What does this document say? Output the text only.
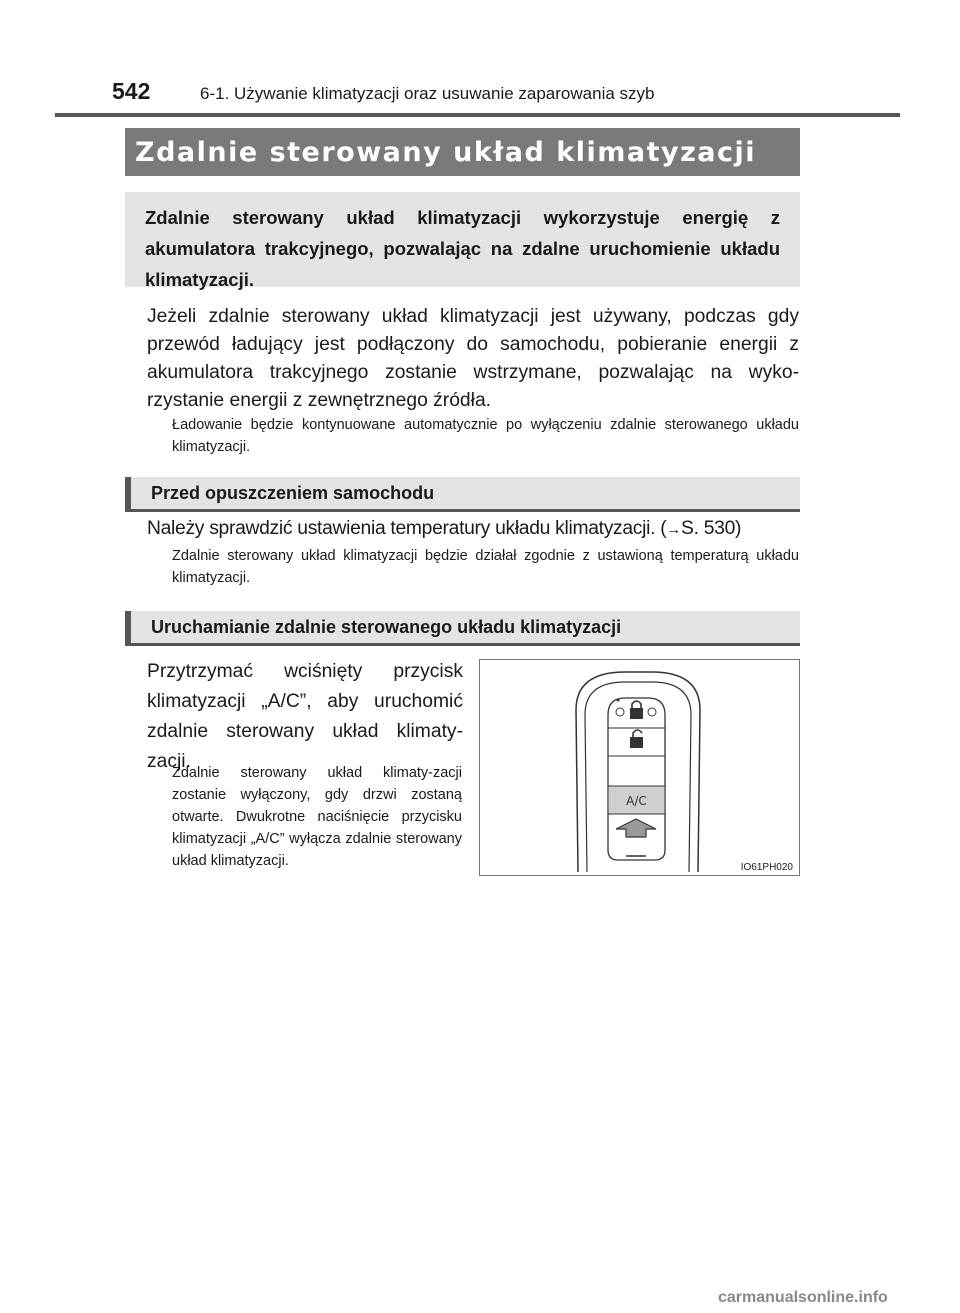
542	6-1. Używanie klimatyzacji oraz usuwanie zaparowania szyb
Zdalnie sterowany układ klimatyzacji
Zdalnie sterowany układ klimatyzacji wykorzystuje energię z akumulatora trakcyjnego, pozwalając na zdalne uruchomienie układu klimatyzacji.
Jeżeli zdalnie sterowany układ klimatyzacji jest używany, podczas gdy przewód ładujący jest podłączony do samochodu, pobieranie energii z akumulatora trakcyjnego zostanie wstrzymane, pozwalając na wyko-rzystanie energii z zewnętrznego źródła.
Ładowanie będzie kontynuowane automatycznie po wyłączeniu zdalnie sterowanego układu klimatyzacji.
Przed opuszczeniem samochodu
Należy sprawdzić ustawienia temperatury układu klimatyzacji. (→S. 530)
Zdalnie sterowany układ klimatyzacji będzie działał zgodnie z ustawioną temperaturą układu klimatyzacji.
Uruchamianie zdalnie sterowanego układu klimatyzacji
Przytrzymać wciśnięty przycisk klimatyzacji „A/C”, aby uruchomić zdalnie sterowany układ klimaty-zacji.
Zdalnie sterowany układ klimaty-zacji zostanie wyłączony, gdy drzwi zostaną otwarte. Dwukrotne naciśnięcie przycisku klimatyzacji „A/C” wyłącza zdalnie sterowany układ klimatyzacji.
A/C
IO61PH020
carmanualsonline.info
